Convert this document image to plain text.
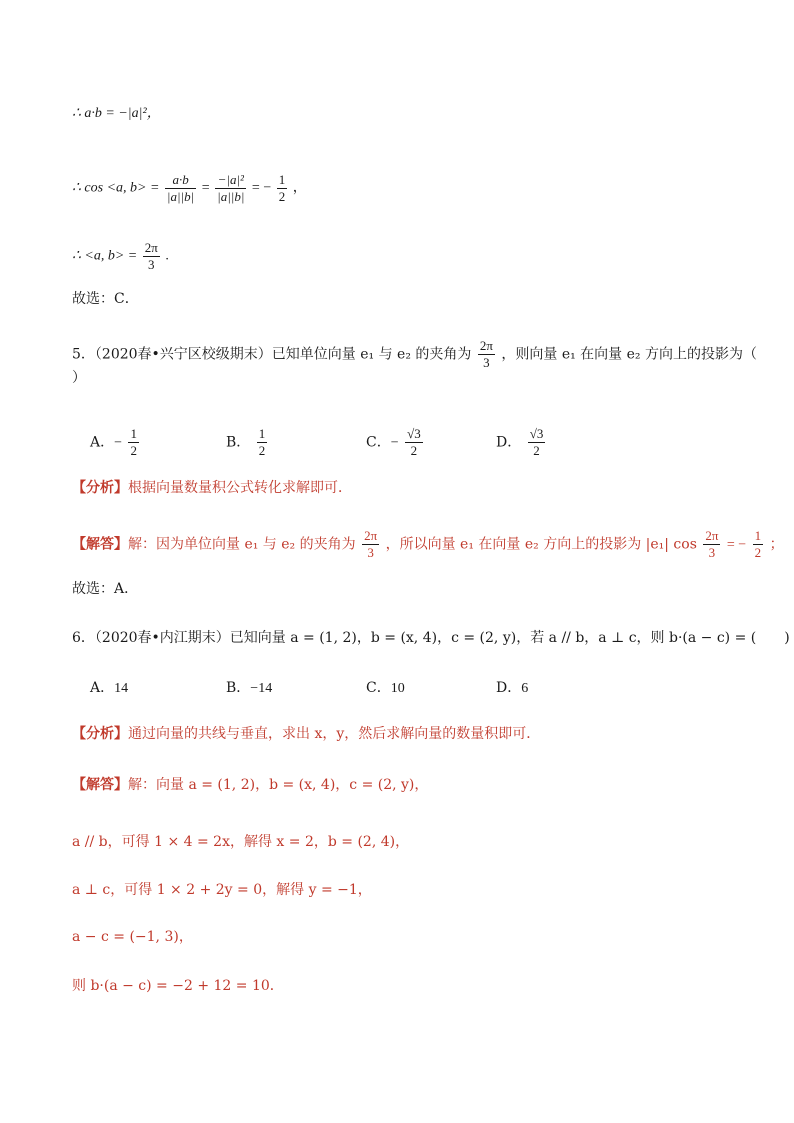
∴ a·b = −|a|²，
∴ cos <a, $b> = \frac{a\cdot b}{|a||b|} = \frac{\text{−|a|²}}{|a||b|}$ = − $\frac{1}{2}$ ，
∴ <a, $b> = \frac{2\pi}{3}$ .
故选：C．
5．（2020春•兴宁区校级期末）已知单位向量 e₁ 与 e₂ 的夹角为 $\frac{2\pi}{3}$ ，则向量 e₁ 在向量 e₂ 方向上的投影为（
）
A．− $\frac{1}{2}$	B． $\frac{1}{2}$	C．− $\frac{√3}{2}$	D． $\frac{√3}{2}$
【分析】根据向量数量积公式转化求解即可．
【解答】解：因为单位向量 e₁ 与 e₂ 的夹角为 $\frac{2\pi}{3}$ ，所以向量 e₁ 在向量 e₂ 方向上的投影为 |e₁| $\cos \frac{2\pi}{3}$ = − $\frac{1}{2}$ ；
故选：A．
6．（2020春•内江期末）已知向量 a = (1, 2)，b = (x, 4)，c = (2, y)，若 a // b，a ⊥ c，则 b·(a − c) = (　　)
A．14	B．−14	C．10	D．6
【分析】通过向量的共线与垂直，求出 x，y，然后求解向量的数量积即可．
【解答】解：向量 a = (1, 2)，b = (x, 4)，c = (2, y)，
a // b，可得 1 × 4 = 2x，解得 x = 2，b = (2, 4)，
a ⊥ c，可得 1 × 2 + 2y = 0，解得 y = −1，
a − c = (−1, 3)，
则 b·(a − c) = −2 + 12 = 10．
